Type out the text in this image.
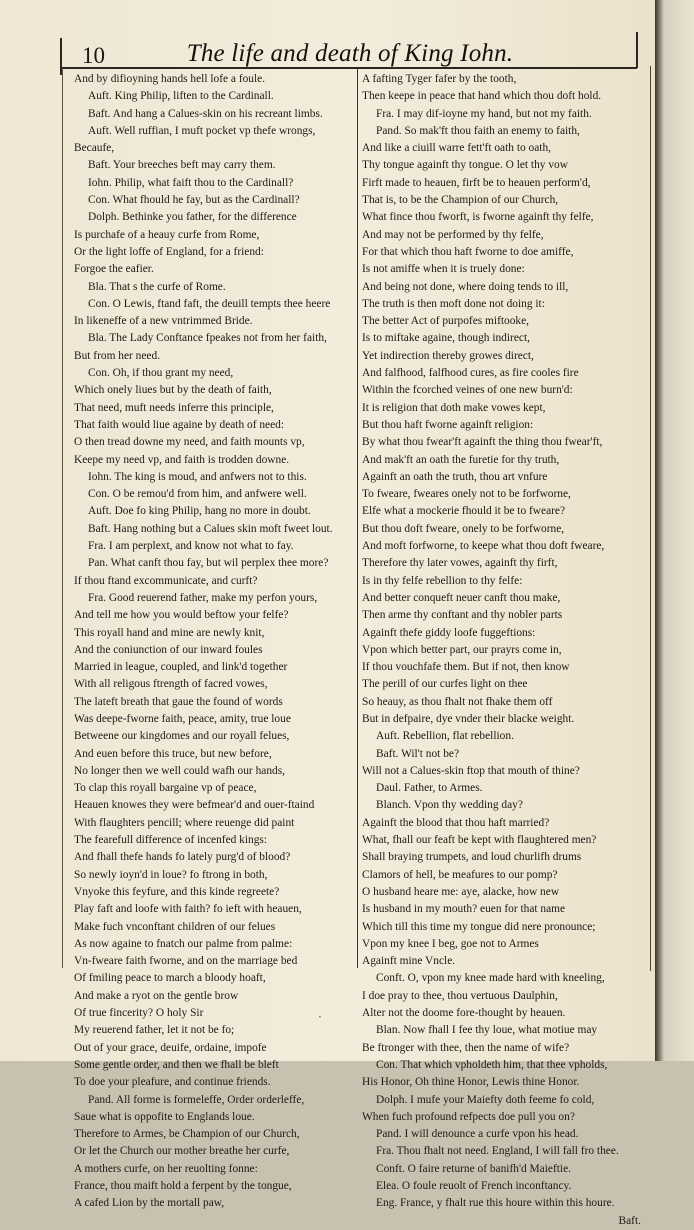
10	The life and death of King Iohn.
And by difioyning hands hell lofe a foule.
Auft. King Philip, liften to the Cardinall.
Baft. And hang a Calues-skin on his recreant limbs.
Auft. Well ruffian, I muft pocket vp thefe wrongs,
Becaufe,
Baft. Your breeches beft may carry them.
Iohn. Philip, what faift thou to the Cardinall?
Con. What fhould he fay, but as the Cardinall?
Dolph. Bethinke you father, for the difference
Is purchafe of a heauy curfe from Rome,
Or the light loffe of England, for a friend:
Forgoe the eafier.
Bla. That s the curfe of Rome.
Con. O Lewis, ftand faft, the deuill tempts thee heere
In likeneffe of a new vntrimmed Bride.
Bla. The Lady Conftance fpeakes not from her faith,
But from her need.
Con. Oh, if thou grant my need,
Which onely liues but by the death of faith,
That need, muft needs inferre this principle,
That faith would liue againe by death of need:
O then tread downe my need, and faith mounts vp,
Keepe my need vp, and faith is trodden downe.
Iohn. The king is moud, and anfwers not to this.
Con. O be remou'd from him, and anfwere well.
Auft. Doe fo king Philip, hang no more in doubt.
Baft. Hang nothing but a Calues skin moft fweet lout.
Fra. I am perplext, and know not what to fay.
Pan. What canft thou fay, but wil perplex thee more?
If thou ftand excommunicate, and curft?
Fra. Good reuerend father, make my perfon yours,
And tell me how you would beftow your felfe?
This royall hand and mine are newly knit,
And the coniunction of our inward foules
Married in league, coupled, and link'd together
With all religous ftrength of facred vowes,
The lateft breath that gaue the found of words
Was deepe-fworne faith, peace, amity, true loue
Betweene our kingdomes and our royall felues,
And euen before this truce, but new before,
No longer then we well could wafh our hands,
To clap this royall bargaine vp of peace,
Heauen knowes they were befmear'd and ouer-ftaind
With flaughters pencill; where reuenge did paint
The fearefull difference of incenfed kings:
And fhall thefe hands fo lately purg'd of blood?
So newly ioyn'd in loue? fo ftrong in both,
Vnyoke this feyfure, and this kinde regreete?
Play faft and loofe with faith? fo ieft with heauen,
Make fuch vnconftant children of our felues
As now againe to fnatch our palme from palme:
Vn-fweare faith fworne, and on the marriage bed
Of fmiling peace to march a bloody hoaft,
And make a ryot on the gentle brow
Of true fincerity? O holy Sir
My reuerend father, let it not be fo;
Out of your grace, deuife, ordaine, impofe
Some gentle order, and then we fhall be bleft
To doe your pleafure, and continue friends.
Pand. All forme is formeleffe, Order orderleffe,
Saue what is oppofite to Englands loue.
Therefore to Armes, be Champion of our Church,
Or let the Church our mother breathe her curfe,
A mothers curfe, on her reuolting fonne:
France, thou maift hold a ferpent by the tongue,
A cafed Lion by the mortall paw,
A fafting Tyger fafer by the tooth,
Then keepe in peace that hand which thou doft hold.
Fra. I may dif-ioyne my hand, but not my faith.
Pand. So mak'ft thou faith an enemy to faith,
And like a ciuill warre fett'ft oath to oath,
Thy tongue againft thy tongue. O let thy vow
Firft made to heauen, firft be to heauen perform'd,
That is, to be the Champion of our Church,
What fince thou fworft, is fworne againft thy felfe,
And may not be performed by thy felfe,
For that which thou haft fworne to doe amiffe,
Is not amiffe when it is truely done:
And being not done, where doing tends to ill,
The truth is then moft done not doing it:
The better Act of purpofes miftooke,
Is to miftake againe, though indirect,
Yet indirection thereby growes direct,
And falfhood, falfhood cures, as fire cooles fire
Within the fcorched veines of one new burn'd:
It is religion that doth make vowes kept,
But thou haft fworne againft religion:
By what thou fwear'ft againft the thing thou fwear'ft,
And mak'ft an oath the furetie for thy truth,
Againft an oath the truth, thou art vnfure
To fweare, fweares onely not to be forfworne,
Elfe what a mockerie fhould it be to fweare?
But thou doft fweare, onely to be forfworne,
And moft forfworne, to keepe what thou doft fweare,
Therefore thy later vowes, againft thy firft,
Is in thy felfe rebellion to thy felfe:
And better conqueft neuer canft thou make,
Then arme thy conftant and thy nobler parts
Againft thefe giddy loofe fuggeftions:
Vpon which better part, our prayrs come in,
If thou vouchfafe them. But if not, then know
The perill of our curfes light on thee
So heauy, as thou fhalt not fhake them off
But in defpaire, dye vnder their blacke weight.
Auft. Rebellion, flat rebellion.
Baft. Wil't not be?
Will not a Calues-skin ftop that mouth of thine?
Daul. Father, to Armes.
Blanch. Vpon thy wedding day?
Againft the blood that thou haft married?
What, fhall our feaft be kept with flaughtered men?
Shall braying trumpets, and loud churlifh drums
Clamors of hell, be meafures to our pomp?
O husband heare me: aye, alacke, how new
Is husband in my mouth? euen for that name
Which till this time my tongue did nere pronounce;
Vpon my knee I beg, goe not to Armes
Againft mine Vncle.
Conft. O, vpon my knee made hard with kneeling,
I doe pray to thee, thou vertuous Daulphin,
Alter not the doome fore-thought by heauen.
Blan. Now fhall I fee thy loue, what motiue may
Be ftronger with thee, then the name of wife?
Con. That which vpholdeth him, that thee vpholds,
His Honor, Oh thine Honor, Lewis thine Honor.
Dolph. I mufe your Maiefty doth feeme fo cold,
When fuch profound refpects doe pull you on?
Pand. I will denounce a curfe vpon his head.
Fra. Thou fhalt not need. England, I will fall fro thee.
Conft. O faire returne of banifh'd Maieftie.
Elea. O foule reuolt of French inconftancy.
Eng. France, y fhalt rue this houre within this houre.
Baft.
·
